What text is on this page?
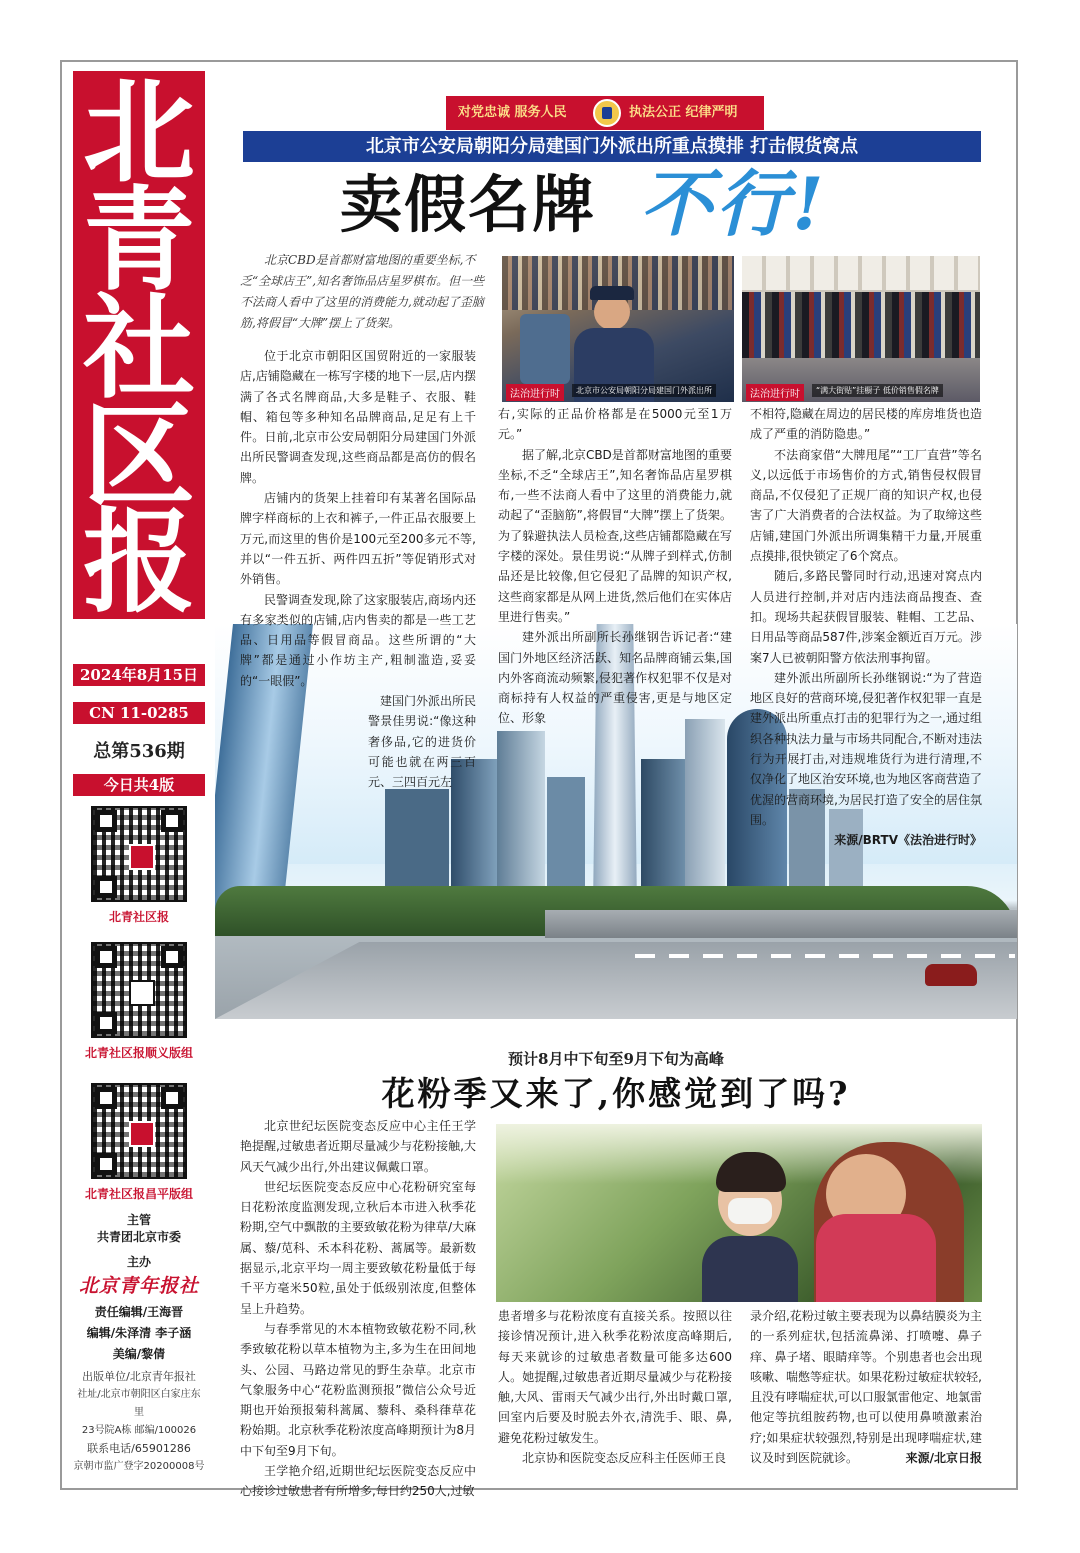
北
青
社
区
报
2024年8月15日
CN 11-0285
总第536期
今日共4版
北青社区报
北青社区报顺义版组
北青社区报昌平版组
主管
共青团北京市委
主办
北京青年报社
责任编辑/王海晋
编辑/朱泽清 李子涵
美编/黎倩
出版单位/北京青年报社
社址/北京市朝阳区白家庄东里
23号院A栋 邮编/100026
联系电话/65901286
京朝市监广登字20200008号
对党忠诚 服务人民	执法公正 纪律严明
北京市公安局朝阳分局建国门外派出所重点摸排 打击假货窝点
卖假名牌 不行!
北京CBD是首都财富地图的重要坐标,不乏“全球店王”,知名奢饰品店星罗棋布。但一些不法商人看中了这里的消费能力,就动起了歪脑筋,将假冒“大牌”摆上了货架。
法治进行时	北京市公安局朝阳分局建国门外派出所	法治进行时	“满大街贴”挂橱子 低价销售假名牌

位于北京市朝阳区国贸附近的一家服装店,店铺隐藏在一栋写字楼的地下一层,店内摆满了各式名牌商品,大多是鞋子、衣服、鞋帽、箱包等多种知名品牌商品,足足有上千件。日前,北京市公安局朝阳分局建国门外派出所民警调查发现,这些商品都是高仿的假名牌。

店铺内的货架上挂着印有某著名国际品牌字样商标的上衣和裤子,一件正品衣服要上万元,而这里的售价是100元至200多元不等,并以“一件五折、两件四五折”等促销形式对外销售。

民警调查发现,除了这家服装店,商场内还有多家类似的店铺,店内售卖的都是一些工艺品、日用品等假冒商品。这些所谓的“大牌”都是通过小作坊主产,粗制滥造,妥妥的“一眼假”。

建国门外派出所民警景佳男说:“像这种奢侈品,它的进货价可能也就在两三百元、三四百元左

右,实际的正品价格都是在5000元至1万元。”

据了解,北京CBD是首都财富地图的重要坐标,不乏“全球店王”,知名奢饰品店星罗棋布,一些不法商人看中了这里的消费能力,就动起了“歪脑筋”,将假冒“大牌”摆上了货架。为了躲避执法人员检查,这些店铺都隐藏在写字楼的深处。景佳男说:“从牌子到样式,仿制品还是比较像,但它侵犯了品牌的知识产权,这些商家都是从网上进货,然后他们在实体店里进行售卖。”

建外派出所副所长孙继钢告诉记者:“建国门外地区经济活跃、知名品牌商铺云集,国内外客商流动频繁,侵犯著作权犯罪不仅是对商标持有人权益的严重侵害,更是与地区定位、形象

不相符,隐藏在周边的居民楼的库房堆货也造成了严重的消防隐患。”

不法商家借“大牌甩尾”“工厂直营”等名义,以远低于市场售价的方式,销售侵权假冒商品,不仅侵犯了正规厂商的知识产权,也侵害了广大消费者的合法权益。为了取缔这些店铺,建国门外派出所调集精干力量,开展重点摸排,很快锁定了6个窝点。

随后,多路民警同时行动,迅速对窝点内人员进行控制,并对店内违法商品搜查、查扣。现场共起获假冒服装、鞋帽、工艺品、日用品等商品587件,涉案金额近百万元。涉案7人已被朝阳警方依法刑事拘留。

建外派出所副所长孙继钢说:“为了营造地区良好的营商环境,侵犯著作权犯罪一直是建外派出所重点打击的犯罪行为之一,通过组织各种执法力量与市场共同配合,不断对违法行为开展打击,对违规堆货行为进行清理,不仅净化了地区治安环境,也为地区客商营造了优渥的营商环境,为居民打造了安全的居住氛围。

来源/BRTV《法治进行时》

预计8月中下旬至9月下旬为高峰
花粉季又来了,你感觉到了吗?

北京世纪坛医院变态反应中心主任王学艳提醒,过敏患者近期尽量减少与花粉接触,大风天气减少出行,外出建议佩戴口罩。

世纪坛医院变态反应中心花粉研究室每日花粉浓度监测发现,立秋后本市进入秋季花粉期,空气中飘散的主要致敏花粉为律草/大麻属、藜/苋科、禾本科花粉、蒿属等。最新数据显示,北京平均一周主要致敏花粉量低于每千平方毫米50粒,虽处于低级别浓度,但整体呈上升趋势。

与春季常见的木本植物致敏花粉不同,秋季致敏花粉以草本植物为主,多为生在田间地头、公园、马路边常见的野生杂草。北京市气象服务中心“花粉监测预报”微信公众号近期也开始预报菊科蒿属、藜科、桑科葎草花粉始期。北京秋季花粉浓度高峰期预计为8月中下旬至9月下旬。

王学艳介绍,近期世纪坛医院变态反应中心接诊过敏患者有所增多,每日约250人,过敏

患者增多与花粉浓度有直接关系。按照以往接诊情况预计,进入秋季花粉浓度高峰期后,每天来就诊的过敏患者数量可能多达600人。她提醒,过敏患者近期尽量减少与花粉接触,大风、雷雨天气减少出行,外出时戴口罩,回室内后要及时脱去外衣,清洗手、眼、鼻,避免花粉过敏发生。

北京协和医院变态反应科主任医师王良

录介绍,花粉过敏主要表现为以鼻结膜炎为主的一系列症状,包括流鼻涕、打喷嚏、鼻子痒、鼻子堵、眼睛痒等。个别患者也会出现咳嗽、喘憋等症状。如果花粉过敏症状较轻,且没有哮喘症状,可以口服氯雷他定、地氯雷他定等抗组胺药物,也可以使用鼻喷激素治疗;如果症状较强烈,特别是出现哮喘症状,建议及时到医院就诊。	来源/北京日报
